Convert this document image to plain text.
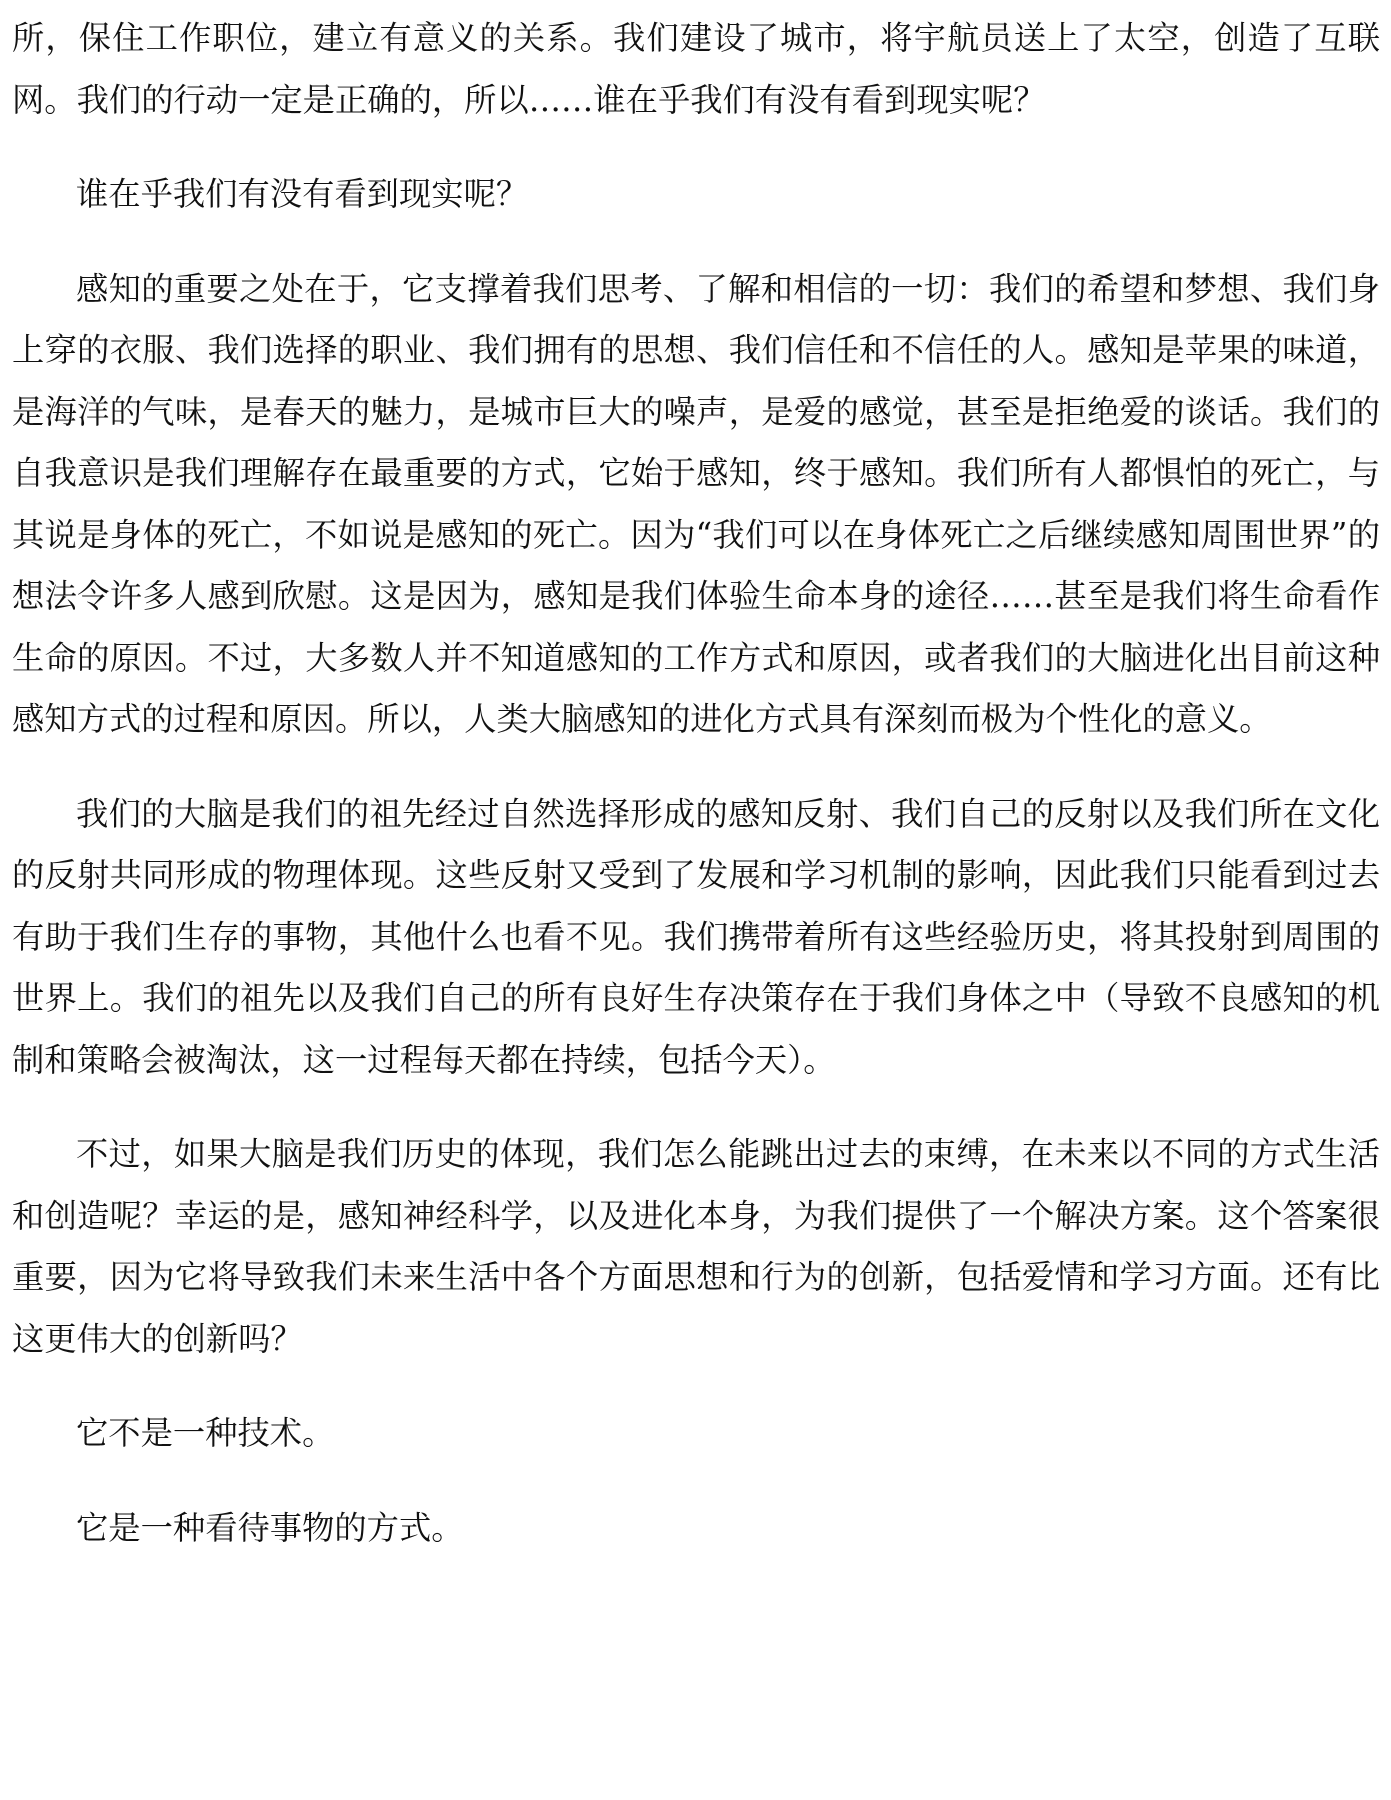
所，保住工作职位，建立有意义的关系。我们建设了城市，将宇航员送上了太空，创造了互联网。我们的行动一定是正确的，所以……谁在乎我们有没有看到现实呢？

谁在乎我们有没有看到现实呢？

感知的重要之处在于，它支撑着我们思考、了解和相信的一切：我们的希望和梦想、我们身上穿的衣服、我们选择的职业、我们拥有的思想、我们信任和不信任的人。感知是苹果的味道，是海洋的气味，是春天的魅力，是城市巨大的噪声，是爱的感觉，甚至是拒绝爱的谈话。我们的自我意识是我们理解存在最重要的方式，它始于感知，终于感知。我们所有人都惧怕的死亡，与其说是身体的死亡，不如说是感知的死亡。因为“我们可以在身体死亡之后继续感知周围世界”的想法令许多人感到欣慰。这是因为，感知是我们体验生命本身的途径……甚至是我们将生命看作生命的原因。不过，大多数人并不知道感知的工作方式和原因，或者我们的大脑进化出目前这种感知方式的过程和原因。所以，人类大脑感知的进化方式具有深刻而极为个性化的意义。

我们的大脑是我们的祖先经过自然选择形成的感知反射、我们自己的反射以及我们所在文化的反射共同形成的物理体现。这些反射又受到了发展和学习机制的影响，因此我们只能看到过去有助于我们生存的事物，其他什么也看不见。我们携带着所有这些经验历史，将其投射到周围的世界上。我们的祖先以及我们自己的所有良好生存决策存在于我们身体之中（导致不良感知的机制和策略会被淘汰，这一过程每天都在持续，包括今天）。

不过，如果大脑是我们历史的体现，我们怎么能跳出过去的束缚，在未来以不同的方式生活和创造呢？幸运的是，感知神经科学，以及进化本身，为我们提供了一个解决方案。这个答案很重要，因为它将导致我们未来生活中各个方面思想和行为的创新，包括爱情和学习方面。还有比这更伟大的创新吗？

它不是一种技术。

它是一种看待事物的方式。
